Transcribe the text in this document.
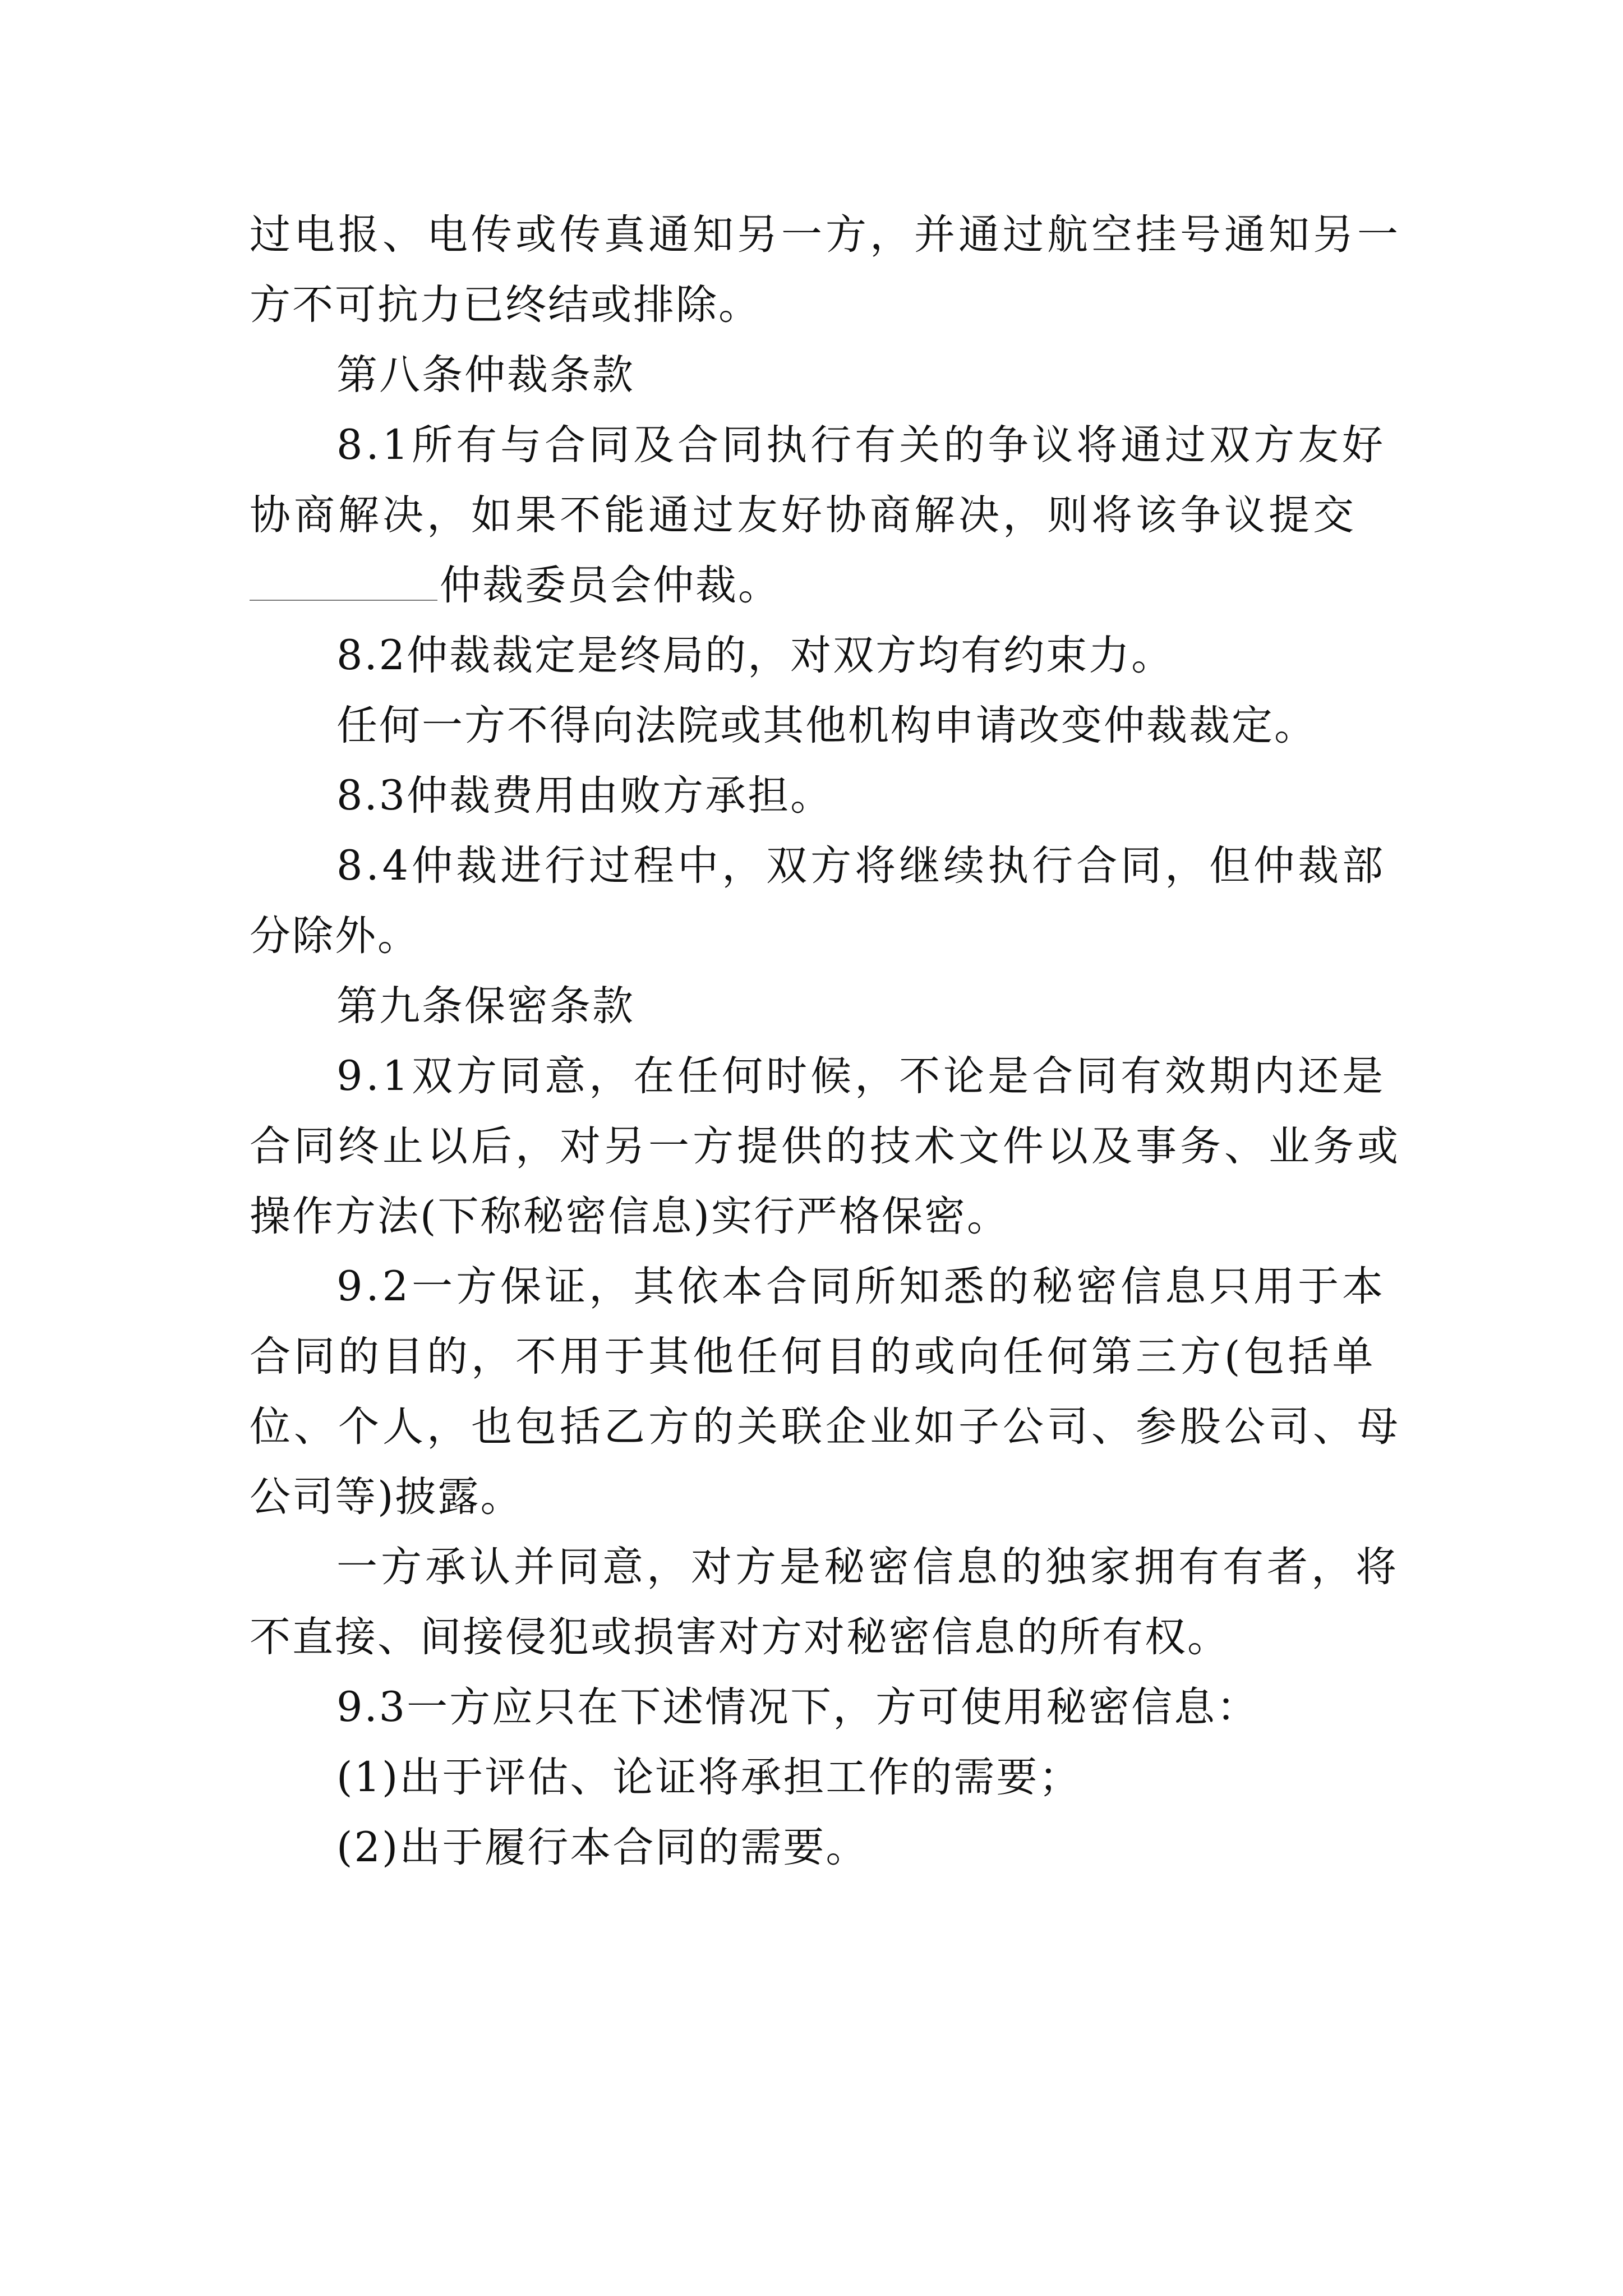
过电报、电传或传真通知另一方，并通过航空挂号通知另一
方不可抗力已终结或排除。
第八条仲裁条款
8.1所有与合同及合同执行有关的争议将通过双方友好
协商解决，如果不能通过友好协商解决，则将该争议提交
仲裁委员会仲裁。
8.2仲裁裁定是终局的，对双方均有约束力。
任何一方不得向法院或其他机构申请改变仲裁裁定。
8.3仲裁费用由败方承担。
8.4仲裁进行过程中，双方将继续执行合同，但仲裁部
分除外。
第九条保密条款
9.1双方同意，在任何时候，不论是合同有效期内还是
合同终止以后，对另一方提供的技术文件以及事务、业务或
操作方法(下称秘密信息)实行严格保密。
9.2一方保证，其依本合同所知悉的秘密信息只用于本
合同的目的，不用于其他任何目的或向任何第三方(包括单
位、个人，也包括乙方的关联企业如子公司、参股公司、母
公司等)披露。
一方承认并同意，对方是秘密信息的独家拥有有者，将
不直接、间接侵犯或损害对方对秘密信息的所有权。
9.3一方应只在下述情况下，方可使用秘密信息：
(1)出于评估、论证将承担工作的需要；
(2)出于履行本合同的需要。
